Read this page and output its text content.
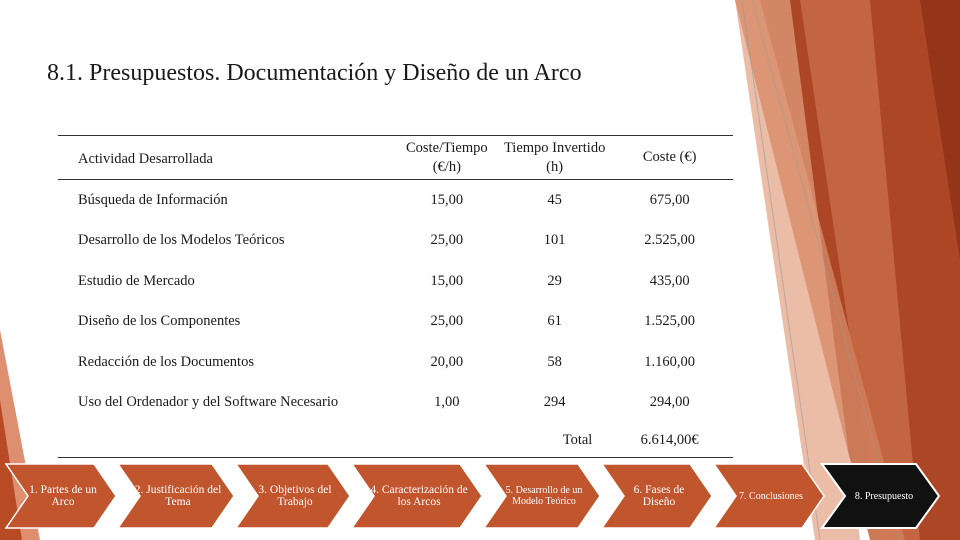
8.1. Presupuestos. Documentación y Diseño de un Arco
Actividad Desarrollada	Coste/Tiempo (€/h)	Tiempo Invertido (h)	Coste (€)
Búsqueda de Información	15,00	45	675,00
Desarrollo de los Modelos Teóricos	25,00	101	2.525,00
Estudio de Mercado	15,00	29	435,00
Diseño de los Componentes	25,00	61	1.525,00
Redacción de los Documentos	20,00	58	1.160,00
Uso del Ordenador y del Software Necesario	1,00	294	294,00
		Total	6.614,00€
1. Partes de un Arco
2. Justificación del Tema
3. Objetivos del Trabajo
4. Caracterización de los Arcos
5. Desarrollo de un Modelo Teórico
6. Fases de Diseño	7. Conclusiones	8. Presupuesto
